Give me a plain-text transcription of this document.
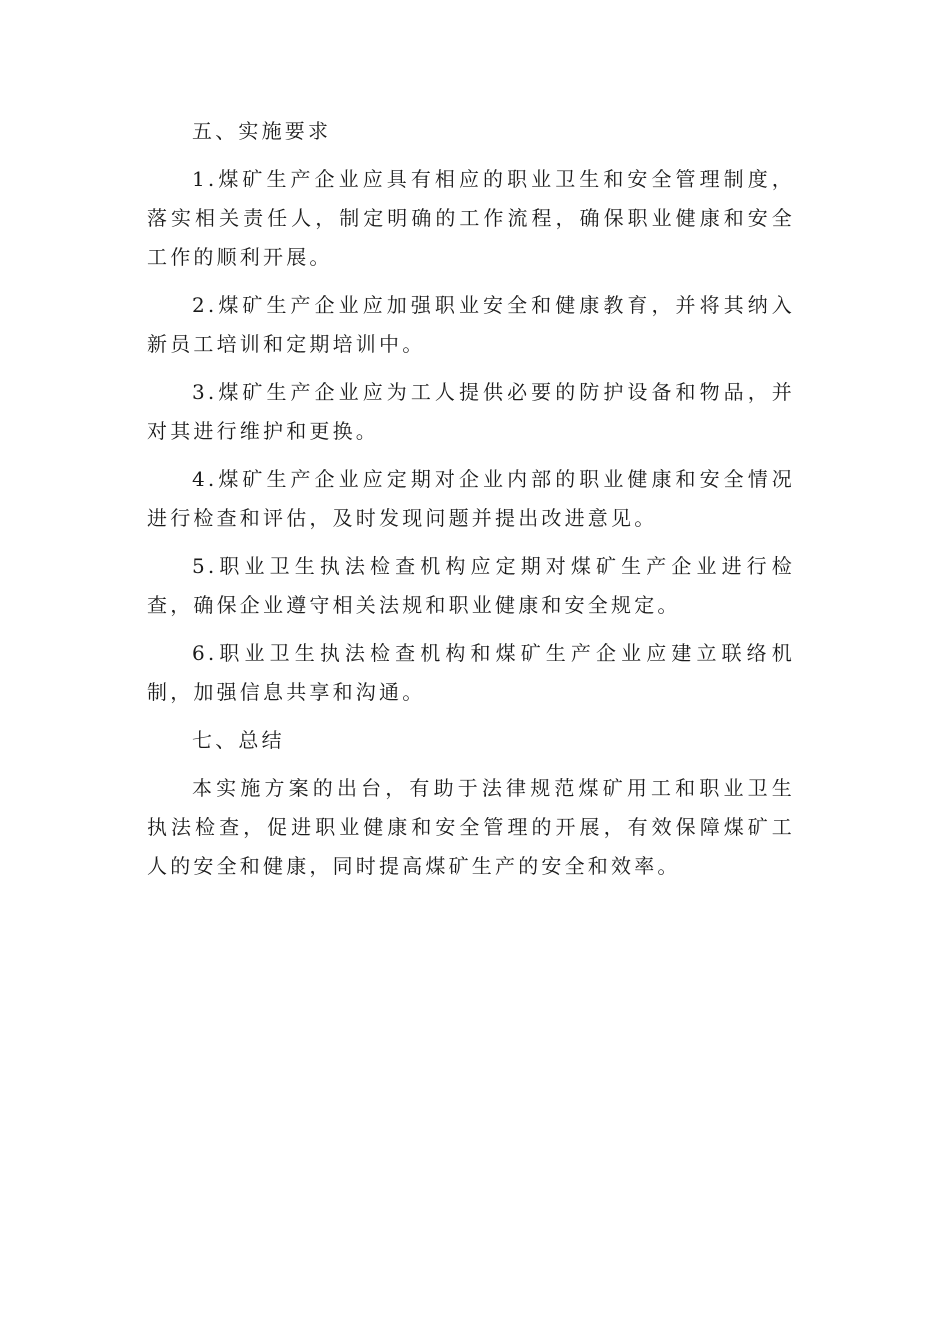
五、实施要求

1.煤矿生产企业应具有相应的职业卫生和安全管理制度，落实相关责任人，制定明确的工作流程，确保职业健康和安全工作的顺利开展。

2.煤矿生产企业应加强职业安全和健康教育，并将其纳入新员工培训和定期培训中。

3.煤矿生产企业应为工人提供必要的防护设备和物品，并对其进行维护和更换。

4.煤矿生产企业应定期对企业内部的职业健康和安全情况进行检查和评估，及时发现问题并提出改进意见。

5.职业卫生执法检查机构应定期对煤矿生产企业进行检查，确保企业遵守相关法规和职业健康和安全规定。

6.职业卫生执法检查机构和煤矿生产企业应建立联络机制，加强信息共享和沟通。

七、总结

本实施方案的出台，有助于法律规范煤矿用工和职业卫生执法检查，促进职业健康和安全管理的开展，有效保障煤矿工人的安全和健康，同时提高煤矿生产的安全和效率。
